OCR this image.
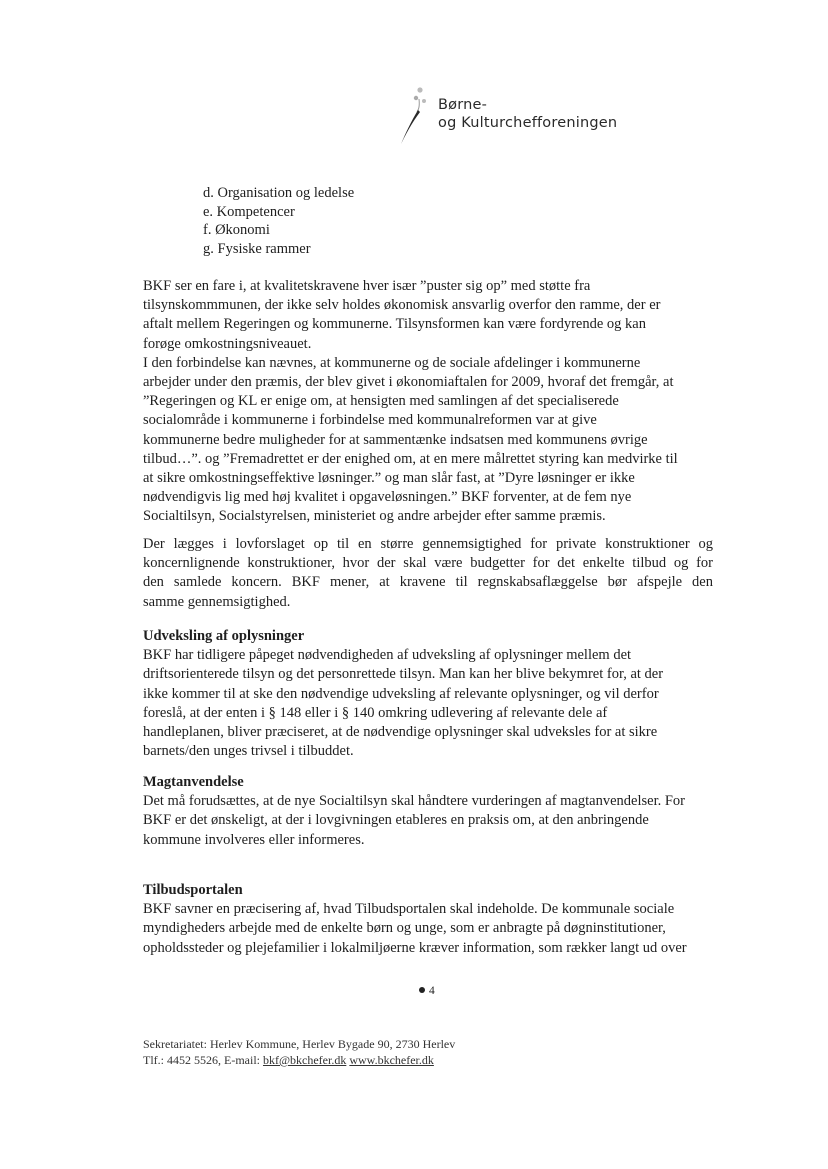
Børne-
og Kulturchefforeningen
d. Organisation og ledelse
e. Kompetencer
f. Økonomi
g. Fysiske rammer
BKF ser en fare i, at kvalitetskravene hver især ”puster sig op” med støtte fra
tilsynskommmunen, der ikke selv holdes økonomisk ansvarlig overfor den ramme, der er
aftalt mellem Regeringen og kommunerne. Tilsynsformen kan være fordyrende og kan
forøge omkostningsniveauet.
I den forbindelse kan nævnes, at kommunerne og de sociale afdelinger i kommunerne
arbejder under den præmis, der blev givet i økonomiaftalen for 2009, hvoraf det fremgår, at
”Regeringen og KL er enige om, at hensigten med samlingen af det specialiserede
socialområde i kommunerne i forbindelse med kommunalreformen var at give
kommunerne bedre muligheder for at sammentænke indsatsen med kommunens øvrige
tilbud…”. og ”Fremadrettet er der enighed om, at en mere målrettet styring kan medvirke til
at sikre omkostningseffektive løsninger.” og man slår fast, at ”Dyre løsninger er ikke
nødvendigvis lig med høj kvalitet i opgaveløsningen.” BKF forventer, at de fem nye
Socialtilsyn, Socialstyrelsen, ministeriet og andre arbejder efter samme præmis.
Der lægges i lovforslaget op til en større gennemsigtighed for private konstruktioner og
koncernlignende konstruktioner, hvor der skal være budgetter for det enkelte tilbud og for
den samlede koncern. BKF mener, at kravene til regnskabsaflæggelse bør afspejle den
samme gennemsigtighed.
Udveksling af oplysninger
BKF har tidligere påpeget nødvendigheden af udveksling af oplysninger mellem det
driftsorienterede tilsyn og det personrettede tilsyn. Man kan her blive bekymret for, at der
ikke kommer til at ske den nødvendige udveksling af relevante oplysninger, og vil derfor
foreslå, at der enten i § 148 eller i § 140 omkring udlevering af relevante dele af
handleplanen, bliver præciseret, at de nødvendige oplysninger skal udveksles for at sikre
barnets/den unges trivsel i tilbuddet.
Magtanvendelse
Det må forudsættes, at de nye Socialtilsyn skal håndtere vurderingen af magtanvendelser. For
BKF er det ønskeligt, at der i lovgivningen etableres en praksis om, at den anbringende
kommune involveres eller informeres.
Tilbudsportalen
BKF savner en præcisering af, hvad Tilbudsportalen skal indeholde. De kommunale sociale
myndigheders arbejde med de enkelte børn og unge, som er anbragte på døgninstitutioner,
opholdssteder og plejefamilier i lokalmiljøerne kræver information, som rækker langt ud over
4
Sekretariatet: Herlev Kommune, Herlev Bygade 90, 2730 Herlev
Tlf.: 4452 5526, E-mail: bkf@bkchefer.dk www.bkchefer.dk
